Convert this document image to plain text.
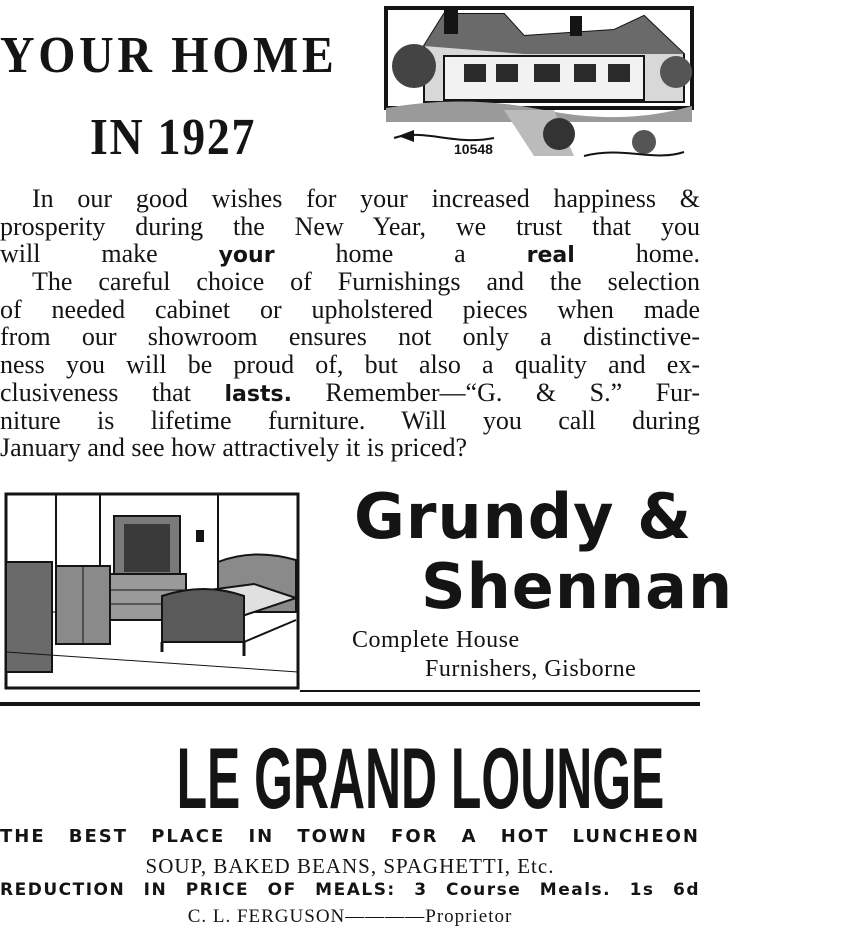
YOUR HOME
IN 1927	10548
In our good wishes for your increased happiness &
prosperity during the New Year, we trust that you
will make your home a real home.
The careful choice of Furnishings and the selection
of needed cabinet or upholstered pieces when made
from our showroom ensures not only a distinctive-
ness you will be proud of, but also a quality and ex-
clusiveness that lasts. Remember—“G. & S.” Fur-
niture is lifetime furniture. Will you call during
January and see how attractively it is priced?
Grundy &
Shennan
Complete House
Furnishers, Gisborne
LE GRAND LOUNGE
THE BEST PLACE IN TOWN FOR A HOT LUNCHEON
SOUP, BAKED BEANS, SPAGHETTI, Etc.
REDUCTION IN PRICE OF MEALS: 3 Course Meals. 1s 6d
C. L. FERGUSON————Proprietor
